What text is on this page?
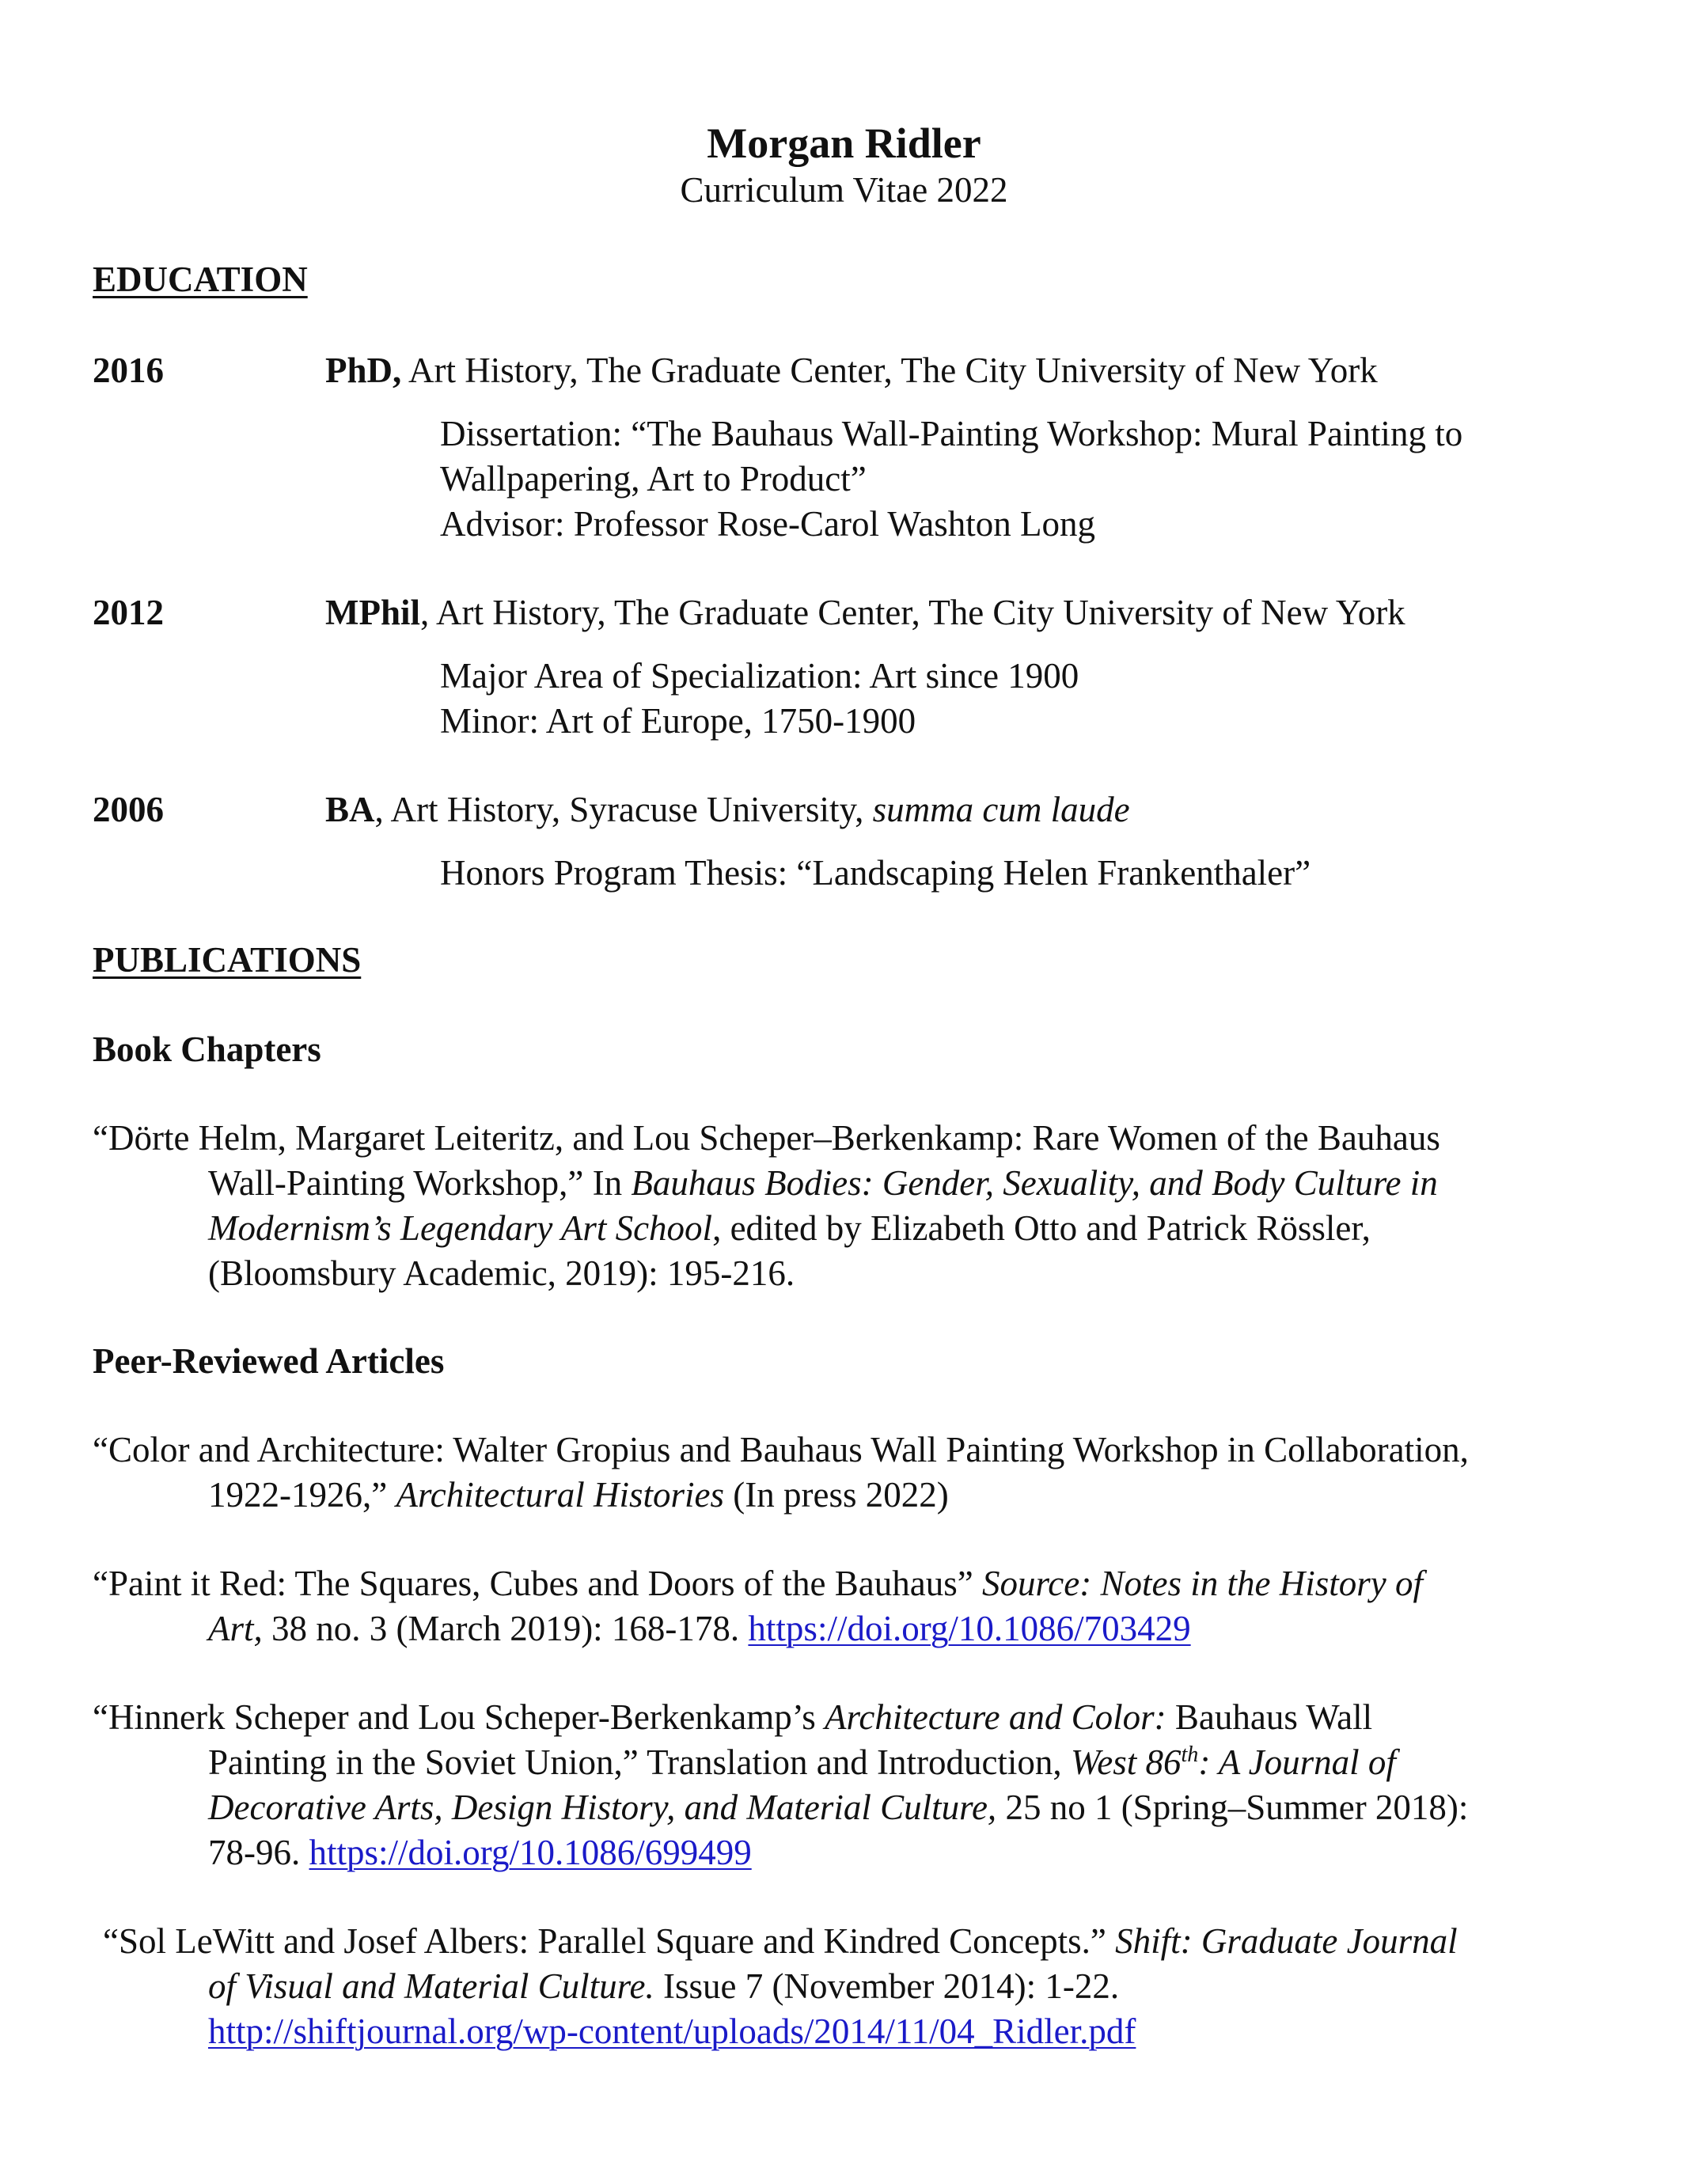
Morgan Ridler
Curriculum Vitae 2022
EDUCATION
2016	PhD, Art History, The Graduate Center, The City University of New York
Dissertation: “The Bauhaus Wall-Painting Workshop: Mural Painting to
Wallpapering, Art to Product”
Advisor: Professor Rose-Carol Washton Long
2012	MPhil, Art History, The Graduate Center, The City University of New York
Major Area of Specialization: Art since 1900
Minor: Art of Europe, 1750-1900
2006	BA, Art History, Syracuse University, summa cum laude
Honors Program Thesis: “Landscaping Helen Frankenthaler”
PUBLICATIONS
Book Chapters
“Dörte Helm, Margaret Leiteritz, and Lou Scheper–Berkenkamp: Rare Women of the Bauhaus
Wall-Painting Workshop,” In Bauhaus Bodies: Gender, Sexuality, and Body Culture in
Modernism’s Legendary Art School, edited by Elizabeth Otto and Patrick Rössler,
(Bloomsbury Academic, 2019): 195-216.
Peer-Reviewed Articles
“Color and Architecture: Walter Gropius and Bauhaus Wall Painting Workshop in Collaboration,
1922-1926,” Architectural Histories (In press 2022)
“Paint it Red: The Squares, Cubes and Doors of the Bauhaus” Source: Notes in the History of
Art, 38 no. 3 (March 2019): 168-178. https://doi.org/10.1086/703429
“Hinnerk Scheper and Lou Scheper-Berkenkamp’s Architecture and Color: Bauhaus Wall
Painting in the Soviet Union,” Translation and Introduction, West 86th: A Journal of
Decorative Arts, Design History, and Material Culture, 25 no 1 (Spring–Summer 2018):
78-96. https://doi.org/10.1086/699499
“Sol LeWitt and Josef Albers: Parallel Square and Kindred Concepts.” Shift: Graduate Journal
of Visual and Material Culture. Issue 7 (November 2014): 1-22.
http://shiftjournal.org/wp-content/uploads/2014/11/04_Ridler.pdf
